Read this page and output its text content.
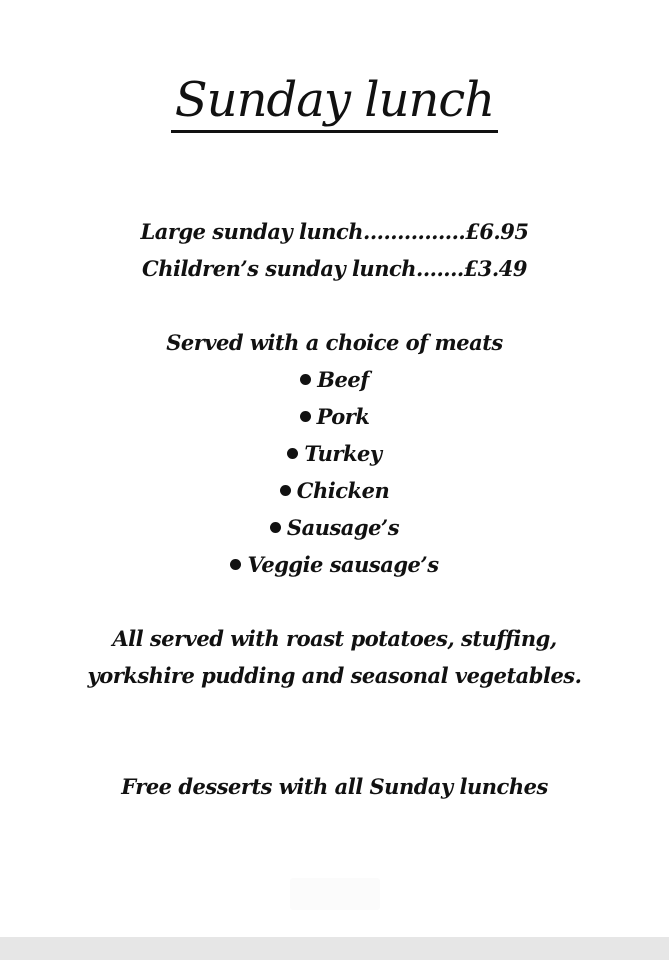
Sunday lunch
Large sunday lunch...............£6.95
Children’s sunday lunch.......£3.49
Served with a choice of meats
Beef
Pork
Turkey
Chicken
Sausage’s
Veggie sausage’s
All served with roast potatoes, stuffing,
yorkshire pudding and seasonal vegetables.
Free desserts with all Sunday lunches
